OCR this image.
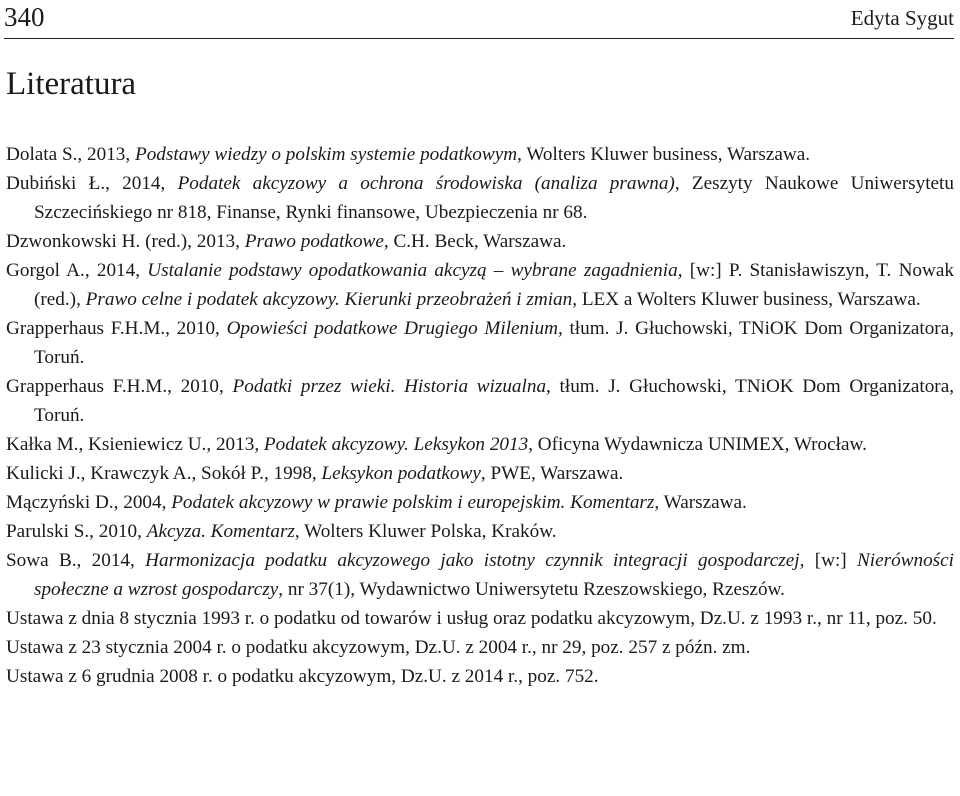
340	Edyta Sygut
Literatura

Dolata S., 2013, Podstawy wiedzy o polskim systemie podatkowym, Wolters Kluwer business, Warszawa.

Dubiński Ł., 2014, Podatek akcyzowy a ochrona środowiska (analiza prawna), Zeszyty Naukowe Uniwersytetu Szczecińskiego nr 818, Finanse, Rynki finansowe, Ubezpieczenia nr 68.

Dzwonkowski H. (red.), 2013, Prawo podatkowe, C.H. Beck, Warszawa.

Gorgol A., 2014, Ustalanie podstawy opodatkowania akcyzą – wybrane zagadnienia, [w:] P. Stanisławiszyn, T. Nowak (red.), Prawo celne i podatek akcyzowy. Kierunki przeobrażeń i zmian, LEX a Wolters Kluwer business, Warszawa.

Grapperhaus F.H.M., 2010, Opowieści podatkowe Drugiego Milenium, tłum. J. Głuchowski, TNiOK Dom Organizatora, Toruń.

Grapperhaus F.H.M., 2010, Podatki przez wieki. Historia wizualna, tłum. J. Głuchowski, TNiOK Dom Organizatora, Toruń.

Kałka M., Ksieniewicz U., 2013, Podatek akcyzowy. Leksykon 2013, Oficyna Wydawnicza UNIMEX, Wrocław.

Kulicki J., Krawczyk A., Sokół P., 1998, Leksykon podatkowy, PWE, Warszawa.

Mączyński D., 2004, Podatek akcyzowy w prawie polskim i europejskim. Komentarz, Warszawa.

Parulski S., 2010, Akcyza. Komentarz, Wolters Kluwer Polska, Kraków.

Sowa B., 2014, Harmonizacja podatku akcyzowego jako istotny czynnik integracji gospodarczej, [w:] Nierówności społeczne a wzrost gospodarczy, nr 37(1), Wydawnictwo Uniwersytetu Rzeszowskiego, Rzeszów.

Ustawa z dnia 8 stycznia 1993 r. o podatku od towarów i usług oraz podatku akcyzowym, Dz.U. z 1993 r., nr 11, poz. 50.

Ustawa z 23 stycznia 2004 r. o podatku akcyzowym, Dz.U. z 2004 r., nr 29, poz. 257 z późn. zm.

Ustawa z 6 grudnia 2008 r. o podatku akcyzowym, Dz.U. z 2014 r., poz. 752.
